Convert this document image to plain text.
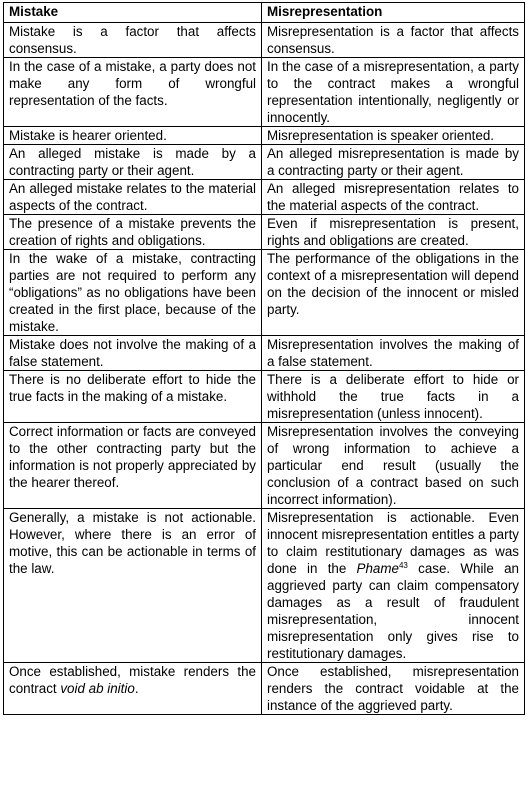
Mistake	Misrepresentation
Mistake is a factor that affects consensus.	Misrepresentation is a factor that affects consensus.
In the case of a mistake, a party does not make any form of wrongful representation of the facts.	In the case of a misrepresentation, a party to the contract makes a wrongful representation intentionally, negligently or innocently.
Mistake is hearer oriented.	Misrepresentation is speaker oriented.
An alleged mistake is made by a contracting party or their agent.	An alleged misrepresentation is made by a contracting party or their agent.
An alleged mistake relates to the material aspects of the contract.	An alleged misrepresentation relates to the material aspects of the contract.
The presence of a mistake prevents the creation of rights and obligations.	Even if misrepresentation is present, rights and obligations are created.
In the wake of a mistake, contracting parties are not required to perform any “obligations” as no obligations have been created in the first place, because of the mistake.	The performance of the obligations in the context of a misrepresentation will depend on the decision of the innocent or misled party.
Mistake does not involve the making of a false statement.	Misrepresentation involves the making of a false statement.
There is no deliberate effort to hide the true facts in the making of a mistake.	There is a deliberate effort to hide or withhold the true facts in a misrepresentation (unless innocent).
Correct information or facts are conveyed to the other contracting party but the information is not properly appreciated by the hearer thereof.	Misrepresentation involves the conveying of wrong information to achieve a particular end result (usually the conclusion of a contract based on such incorrect information).
Generally, a mistake is not actionable. However, where there is an error of motive, this can be actionable in terms of the law.	Misrepresentation is actionable. Even innocent misrepresentation entitles a party to claim restitutionary damages as was done in the Phame$^{43}$ case. While an aggrieved party can claim compensatory damages as a result of fraudulent misrepresentation, innocent misrepresentation only gives rise to restitutionary damages.
Once established, mistake renders the contract void ab initio.	Once established, misrepresentation renders the contract voidable at the instance of the aggrieved party.
